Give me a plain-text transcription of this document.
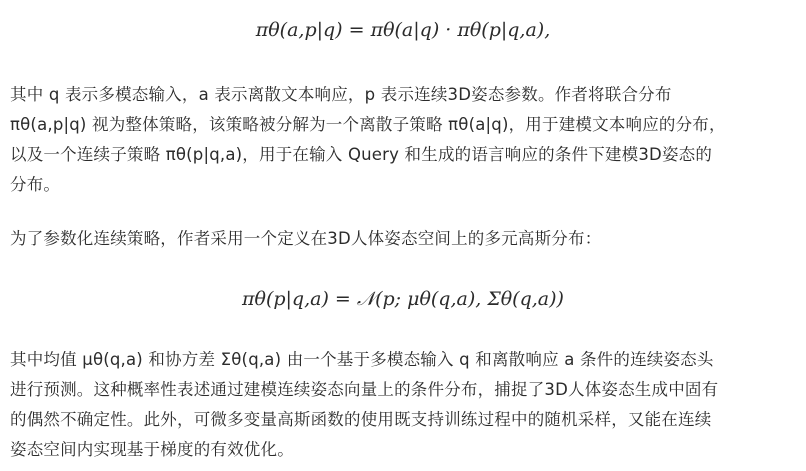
πθ(a,p|q) = πθ(a|q) · πθ(p|q,a),
其中 q 表示多模态输入，a 表示离散文本响应，p 表示连续3D姿态参数。作者将联合分布
πθ(a,p|q) 视为整体策略，该策略被分解为一个离散子策略 πθ(a|q)，用于建模文本响应的分布，
以及一个连续子策略 πθ(p|q,a)，用于在输入 Query 和生成的语言响应的条件下建模3D姿态的
分布。
为了参数化连续策略，作者采用一个定义在3D人体姿态空间上的多元高斯分布：
πθ(p|q,a) = 𝒩(p; μθ(q,a), Σθ(q,a))
其中均值 μθ(q,a) 和协方差 Σθ(q,a) 由一个基于多模态输入 q 和离散响应 a 条件的连续姿态头
进行预测。这种概率性表述通过建模连续姿态向量上的条件分布，捕捉了3D人体姿态生成中固有
的偶然不确定性。此外，可微多变量高斯函数的使用既支持训练过程中的随机采样，又能在连续
姿态空间内实现基于梯度的有效优化。
